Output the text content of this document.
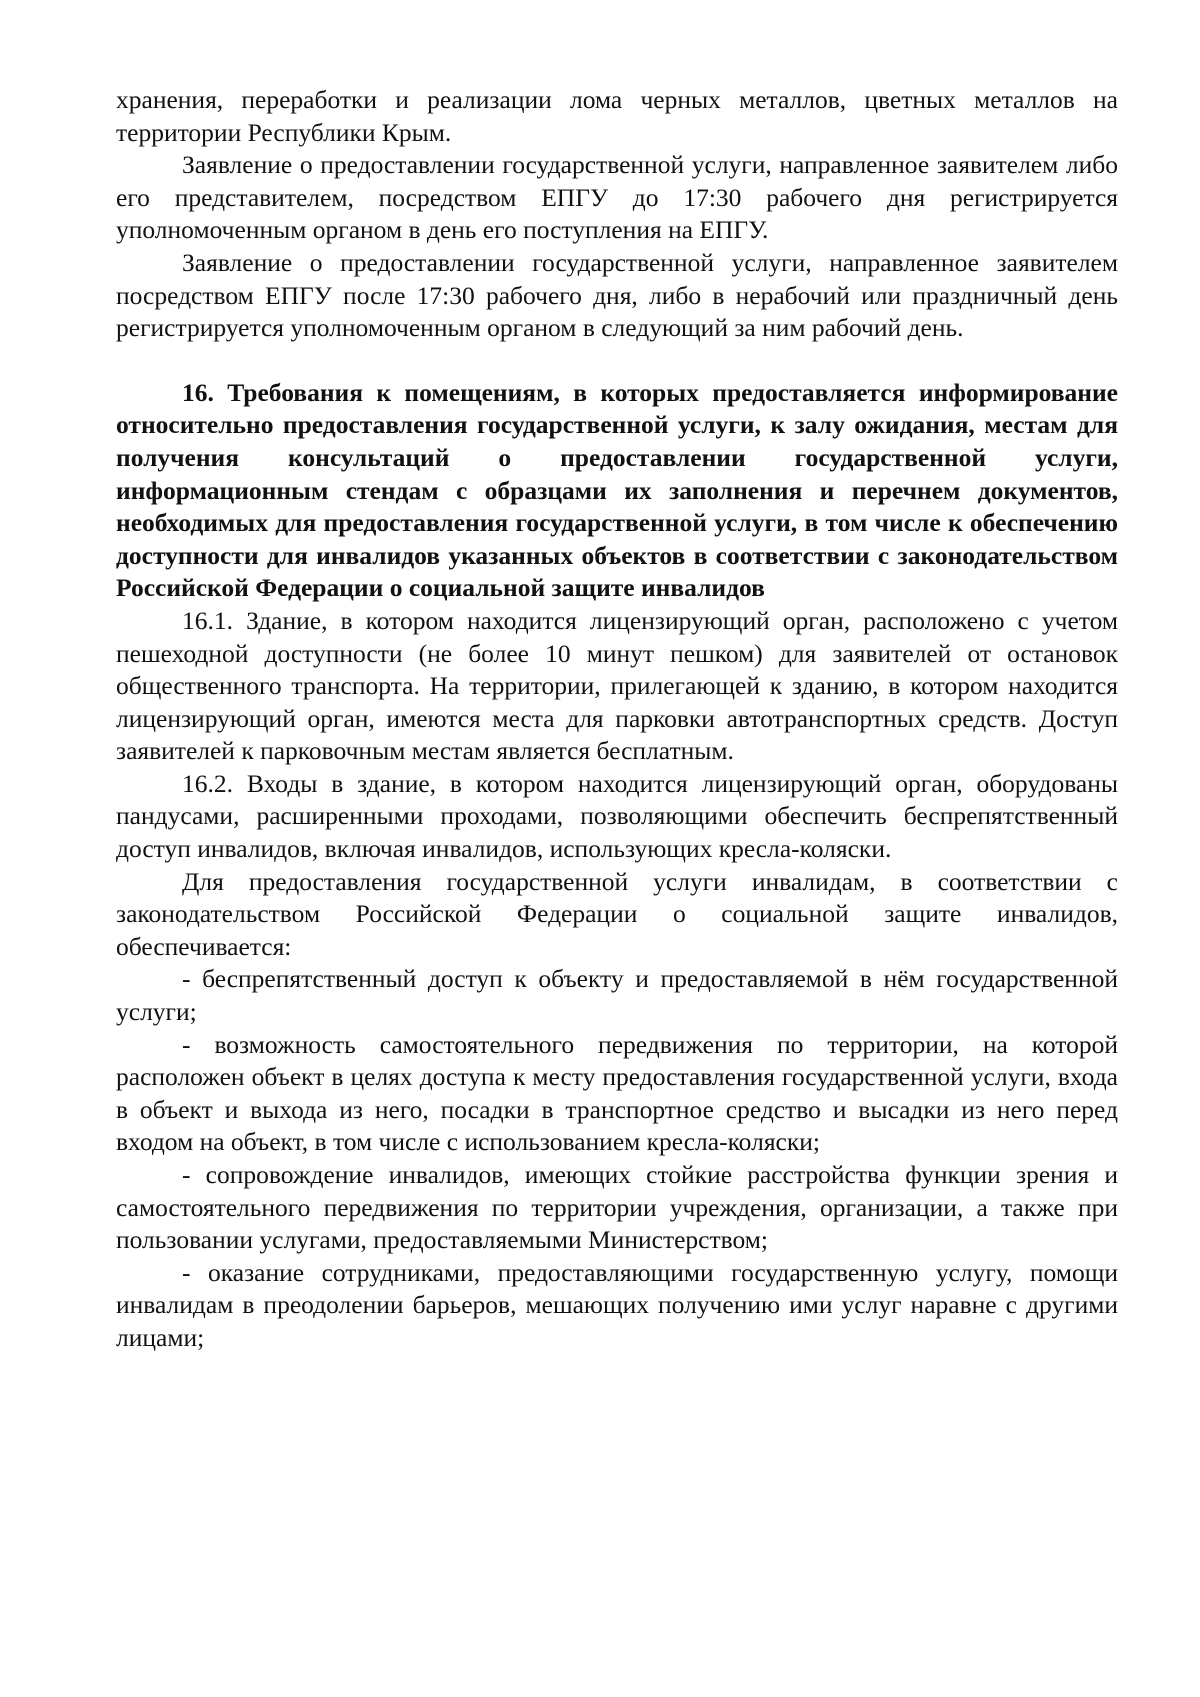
хранения, переработки и реализации лома черных металлов, цветных металлов на территории Республики Крым.

Заявление о предоставлении государственной услуги, направленное заявителем либо его представителем, посредством ЕПГУ до 17:30 рабочего дня регистрируется уполномоченным органом в день его поступления на ЕПГУ.

Заявление о предоставлении государственной услуги, направленное заявителем посредством ЕПГУ после 17:30 рабочего дня, либо в нерабочий или праздничный день регистрируется уполномоченным органом в следующий за ним рабочий день.

16. Требования к помещениям, в которых предоставляется информирование относительно предоставления государственной услуги, к залу ожидания, местам для получения консультаций о предоставлении государственной услуги, информационным стендам с образцами их заполнения и перечнем документов, необходимых для предоставления государственной услуги, в том числе к обеспечению доступности для инвалидов указанных объектов в соответствии с законодательством Российской Федерации о социальной защите инвалидов

16.1. Здание, в котором находится лицензирующий орган, расположено с учетом пешеходной доступности (не более 10 минут пешком) для заявителей от остановок общественного транспорта. На территории, прилегающей к зданию, в котором находится лицензирующий орган, имеются места для парковки автотранспортных средств. Доступ заявителей к парковочным местам является бесплатным.

16.2. Входы в здание, в котором находится лицензирующий орган, оборудованы пандусами, расширенными проходами, позволяющими обеспечить беспрепятственный доступ инвалидов, включая инвалидов, использующих кресла-коляски.

Для предоставления государственной услуги инвалидам, в соответствии с законодательством Российской Федерации о социальной защите инвалидов, обеспечивается:

- беспрепятственный доступ к объекту и предоставляемой в нём государственной услуги;

- возможность самостоятельного передвижения по территории, на которой расположен объект в целях доступа к месту предоставления государственной услуги, входа в объект и выхода из него, посадки в транспортное средство и высадки из него перед входом на объект, в том числе с использованием кресла-коляски;

- сопровождение инвалидов, имеющих стойкие расстройства функции зрения и самостоятельного передвижения по территории учреждения, организации, а также при пользовании услугами, предоставляемыми Министерством;

- оказание сотрудниками, предоставляющими государственную услугу, помощи инвалидам в преодолении барьеров, мешающих получению ими услуг наравне с другими лицами;
